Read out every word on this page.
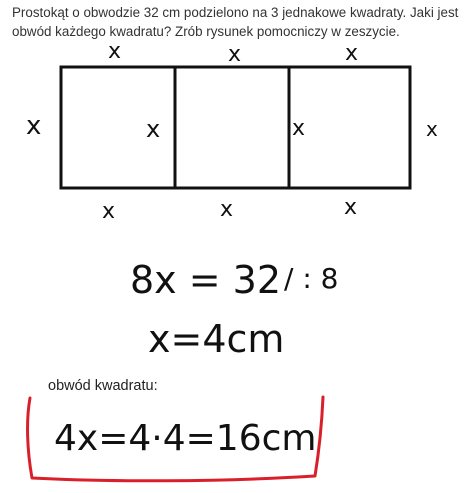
Prostokąt o obwodzie 32 cm podzielono na 3 jednakowe kwadraty. Jaki jest
obwód każdego kwadratu? Zrób rysunek pomocniczy w zeszycie.
x	x	x
x	x	x	x
x	x	x
8x = 32 / : 8
x=4cm
obwód kwadratu:
4x=4·4=16cm
